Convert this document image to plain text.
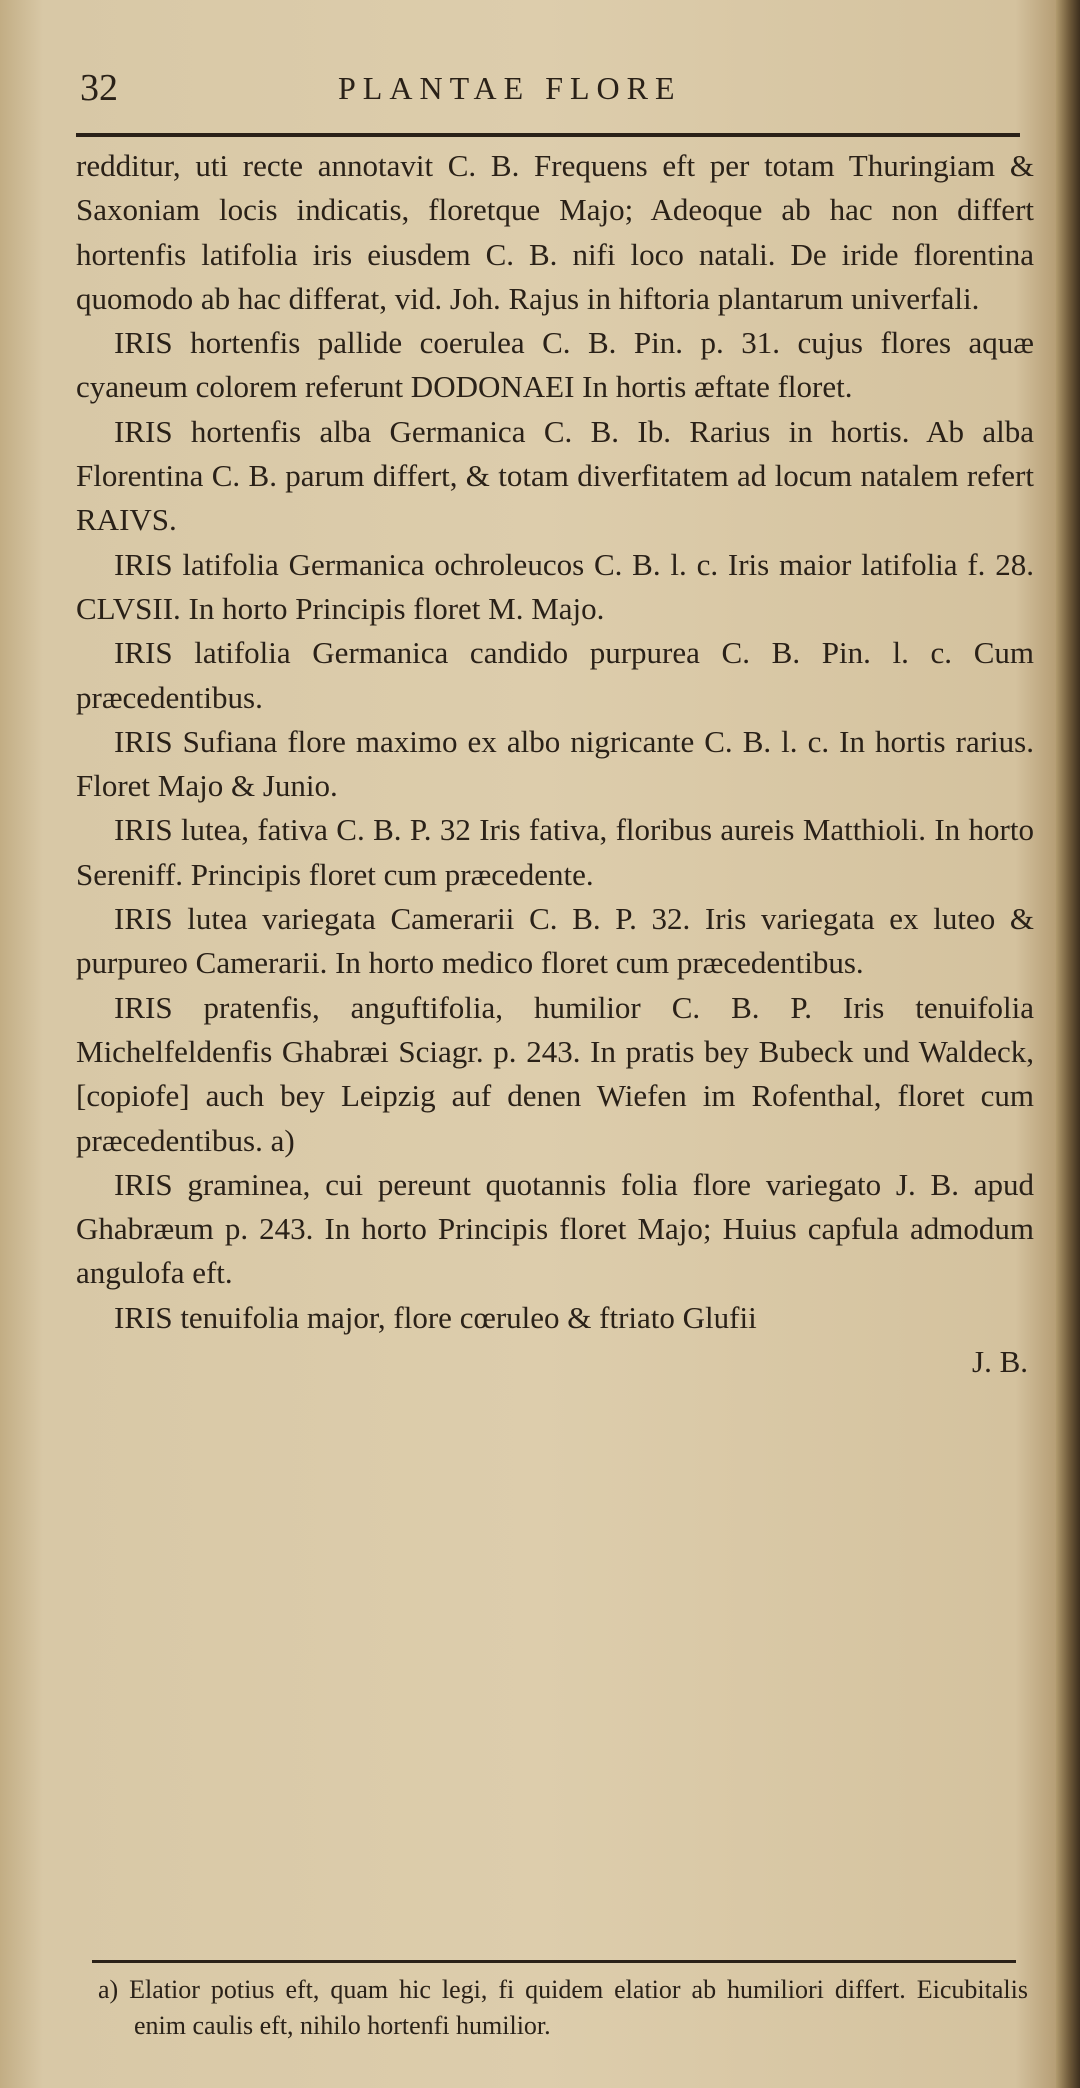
32	PLANTAE FLORE

redditur, uti recte annotavit C. B. Frequens eft per totam Thuringiam & Saxoniam locis indicatis, floretque Majo; Adeoque ab hac non differt hortenfis latifolia iris eiusdem C. B. nifi loco natali. De iride florentina quomodo ab hac differat, vid. Joh. Rajus in hiftoria plantarum univerfali.

IRIS hortenfis pallide coerulea C. B. Pin. p. 31. cujus flores aquæ cyaneum colorem referunt DODONAEI In hortis æftate floret.

IRIS hortenfis alba Germanica C. B. Ib. Rarius in hortis. Ab alba Florentina C. B. parum differt, & totam diverfitatem ad locum natalem refert RAIVS.

IRIS latifolia Germanica ochroleucos C. B. l. c. Iris maior latifolia f. 28. CLVSII. In horto Principis floret M. Majo.

IRIS latifolia Germanica candido purpurea C. B. Pin. l. c. Cum præcedentibus.

IRIS Sufiana flore maximo ex albo nigricante C. B. l. c. In hortis rarius. Floret Majo & Junio.

IRIS lutea, fativa C. B. P. 32 Iris fativa, floribus aureis Matthioli. In horto Sereniff. Principis floret cum præcedente.

IRIS lutea variegata Camerarii C. B. P. 32. Iris variegata ex luteo & purpureo Camerarii. In horto medico floret cum præcedentibus.

IRIS pratenfis, anguftifolia, humilior C. B. P. Iris tenuifolia Michelfeldenfis Ghabræi Sciagr. p. 243. In pratis bey Bubeck und Waldeck, [copiofe] auch bey Leipzig auf denen Wiefen im Rofenthal, floret cum præcedentibus. a)

IRIS graminea, cui pereunt quotannis folia flore variegato J. B. apud Ghabræum p. 243. In horto Principis floret Majo; Huius capfula admodum angulofa eft.

IRIS tenuifolia major, flore cœruleo & ftriato Glufii

J. B.

a) Elatior potius eft, quam hic legi, fi quidem elatior ab humiliori differt. Eicubitalis enim caulis eft, nihilo hortenfi humilior.
